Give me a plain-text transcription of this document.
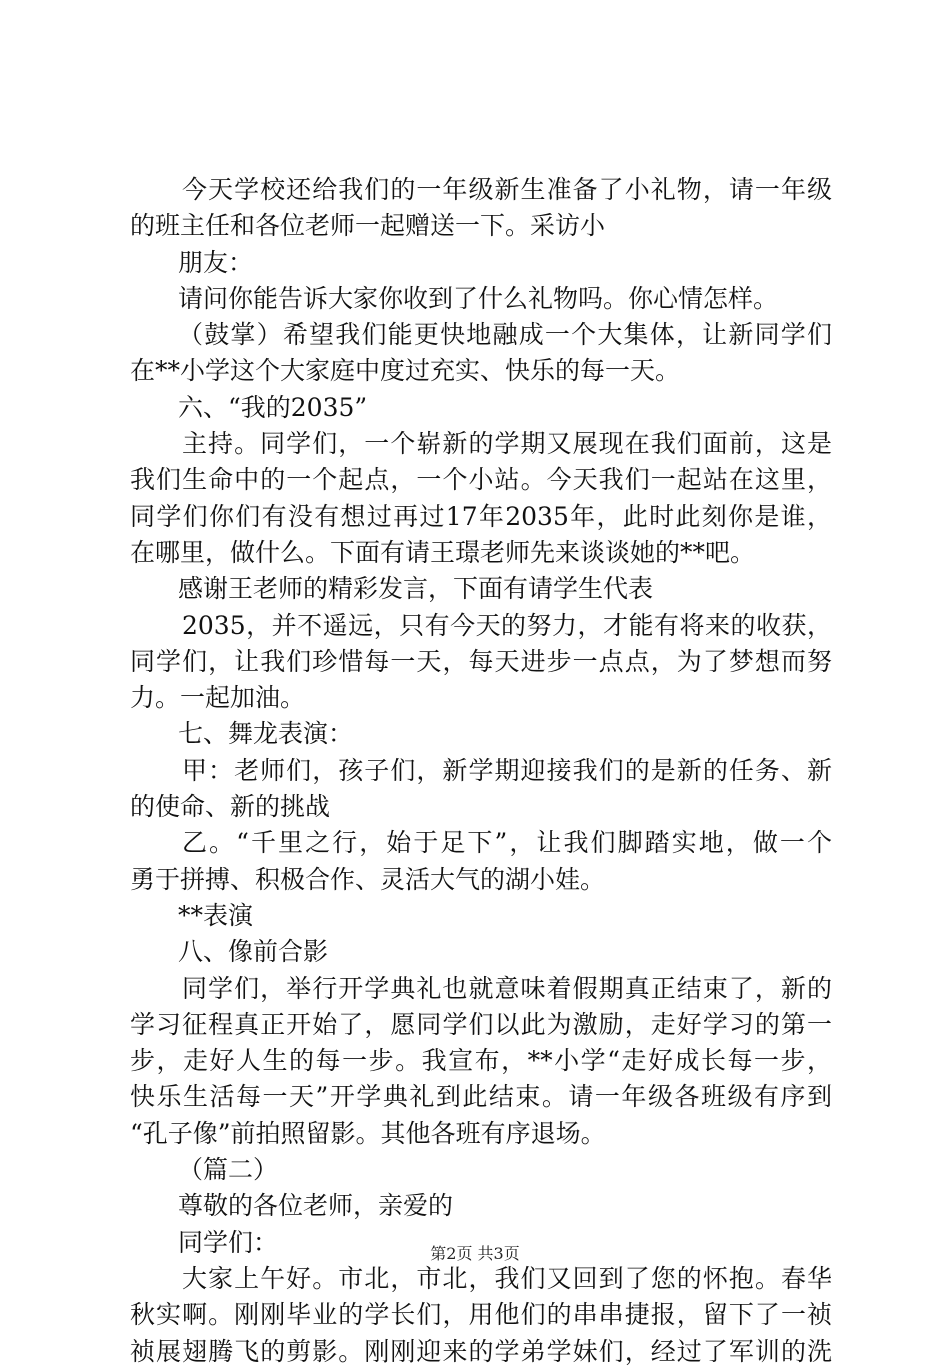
今天学校还给我们的一年级新生准备了小礼物，请一年级
的班主任和各位老师一起赠送一下。采访小
朋友：
请问你能告诉大家你收到了什么礼物吗。你心情怎样。
（鼓掌）希望我们能更快地融成一个大集体，让新同学们
在**小学这个大家庭中度过充实、快乐的每一天。
六、“我的2035”
主持。同学们，一个崭新的学期又展现在我们面前，这是
我们生命中的一个起点，一个小站。今天我们一起站在这里，
同学们你们有没有想过再过17年2035年，此时此刻你是谁，
在哪里，做什么。下面有请王璟老师先来谈谈她的**吧。
感谢王老师的精彩发言，下面有请学生代表
2035，并不遥远，只有今天的努力，才能有将来的收获，
同学们，让我们珍惜每一天，每天进步一点点，为了梦想而努
力。一起加油。
七、舞龙表演：
甲：老师们，孩子们，新学期迎接我们的是新的任务、新
的使命、新的挑战
乙。“千里之行，始于足下”，让我们脚踏实地，做一个
勇于拼搏、积极合作、灵活大气的湖小娃。
**表演
八、像前合影
同学们，举行开学典礼也就意味着假期真正结束了，新的
学习征程真正开始了，愿同学们以此为激励，走好学习的第一
步，走好人生的每一步。我宣布，**小学“走好成长每一步，
快乐生活每一天”开学典礼到此结束。请一年级各班级有序到
“孔子像”前拍照留影。其他各班有序退场。
（篇二）
尊敬的各位老师，亲爱的
同学们：
大家上午好。市北，市北，我们又回到了您的怀抱。春华
秋实啊。刚刚毕业的学长们，用他们的串串捷报，留下了一祯
祯展翅腾飞的剪影。刚刚迎来的学弟学妹们，经过了军训的洗
第2页 共3页
